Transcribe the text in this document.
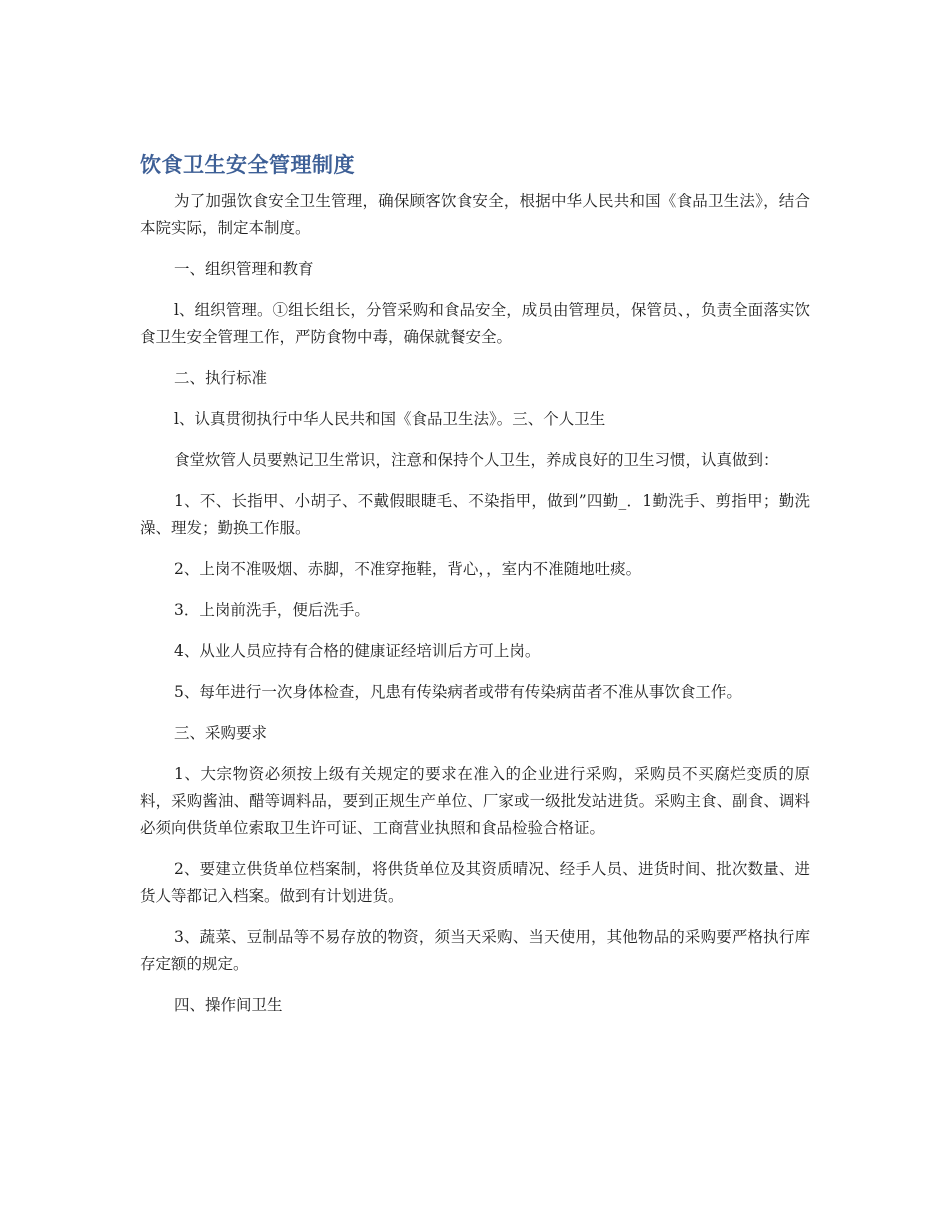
饮食卫生安全管理制度

为了加强饮食安全卫生管理，确保顾客饮食安全，根据中华人民共和国《食品卫生法》，结合本院实际，制定本制度。

一、组织管理和教育

l、组织管理。①组长组长，分管采购和食品安全，成员由管理员，保管员、，负责全面落实饮食卫生安全管理工作，严防食物中毒，确保就餐安全。

二、执行标准

l、认真贯彻执行中华人民共和国《食品卫生法》。三、个人卫生

食堂炊管人员要熟记卫生常识，注意和保持个人卫生，养成良好的卫生习惯，认真做到：

1、不、长指甲、小胡子、不戴假眼睫毛、不染指甲，做到”四勤_．1勤洗手、剪指甲；勤洗澡、理发；勤换工作服。

2、上岗不准吸烟、赤脚，不准穿拖鞋，背心，，室内不准随地吐痰。

3．上岗前洗手，便后洗手。

4、从业人员应持有合格的健康证经培训后方可上岗。

5、每年进行一次身体检查，凡患有传染病者或带有传染病苗者不准从事饮食工作。

三、采购要求

1、大宗物资必须按上级有关规定的要求在准入的企业进行采购，采购员不买腐烂变质的原料，采购酱油、醋等调料品，要到正规生产单位、厂家或一级批发站进货。采购主食、副食、调料必须向供货单位索取卫生许可证、工商营业执照和食品检验合格证。

2、要建立供货单位档案制，将供货单位及其资质晴况、经手人员、进货时间、批次数量、进货人等都记入档案。做到有计划进货。

3、蔬菜、豆制品等不易存放的物资，须当天采购、当天使用，其他物品的采购要严格执行库存定额的规定。

四、操作间卫生
